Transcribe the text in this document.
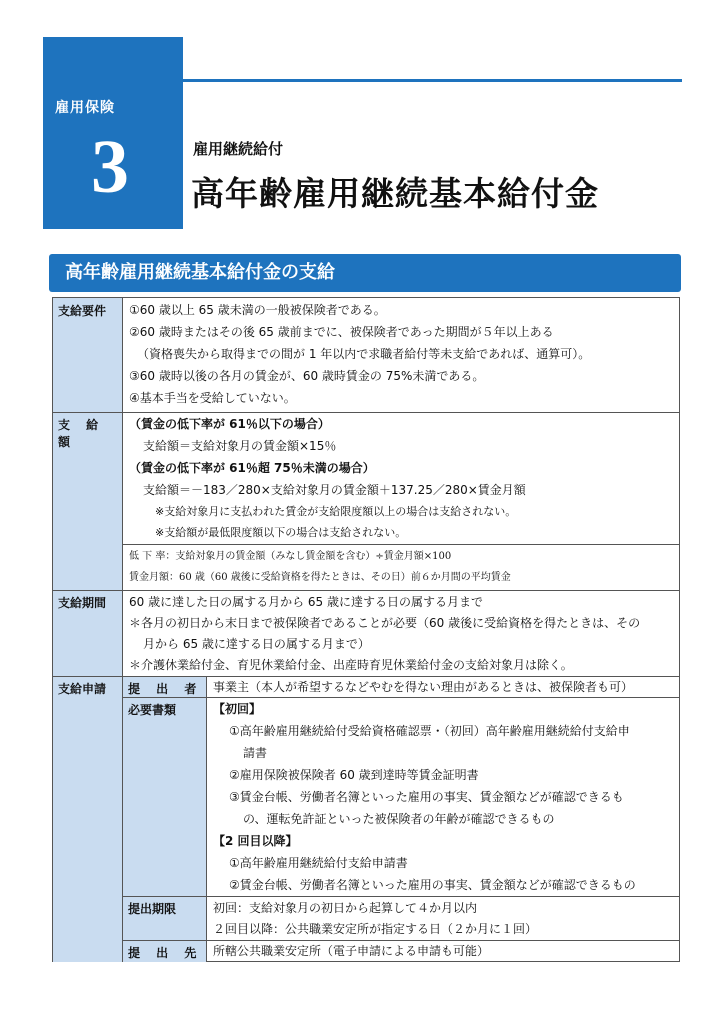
雇用保険
3	雇用継続給付
高年齢雇用継続基本給付金
高年齢雇用継続基本給付金の支給
支給要件
支 給 額
支給期間
支給申請	提 出 者
必要書類
提出期限
提 出 先
①60 歳以上 65 歳未満の一般被保険者である。
②60 歳時またはその後 65 歳前までに、被保険者であった期間が５年以上ある
（資格喪失から取得までの間が 1 年以内で求職者給付等未支給であれば、通算可）。
③60 歳時以後の各月の賃金が、60 歳時賃金の 75%未満である。
④基本手当を受給していない。
（賃金の低下率が 61％以下の場合）
支給額＝支給対象月の賃金額×15％
（賃金の低下率が 61％超 75％未満の場合）
支給額＝－183／280×支給対象月の賃金額＋137.25／280×賃金月額
※支給対象月に支払われた賃金が支給限度額以上の場合は支給されない。
※支給額が最低限度額以下の場合は支給されない。
低 下 率：支給対象月の賃金額（みなし賃金額を含む）÷賃金月額×100
賃金月額：60 歳（60 歳後に受給資格を得たときは、その日）前６か月間の平均賃金
60 歳に達した日の属する月から 65 歳に達する日の属する月まで
＊各月の初日から末日まで被保険者であることが必要（60 歳後に受給資格を得たときは、その
月から 65 歳に達する日の属する月まで）
＊介護休業給付金、育児休業給付金、出産時育児休業給付金の支給対象月は除く。
事業主（本人が希望するなどやむを得ない理由があるときは、被保険者も可）
【初回】
①高年齢雇用継続給付受給資格確認票・（初回）高年齢雇用継続給付支給申
請書
②雇用保険被保険者 60 歳到達時等賃金証明書
③賃金台帳、労働者名簿といった雇用の事実、賃金額などが確認できるも
の、運転免許証といった被保険者の年齢が確認できるもの
【2 回目以降】
①高年齢雇用継続給付支給申請書
②賃金台帳、労働者名簿といった雇用の事実、賃金額などが確認できるもの
初回：支給対象月の初日から起算して４か月以内
２回目以降：公共職業安定所が指定する日（２か月に１回）
所轄公共職業安定所（電子申請による申請も可能）
